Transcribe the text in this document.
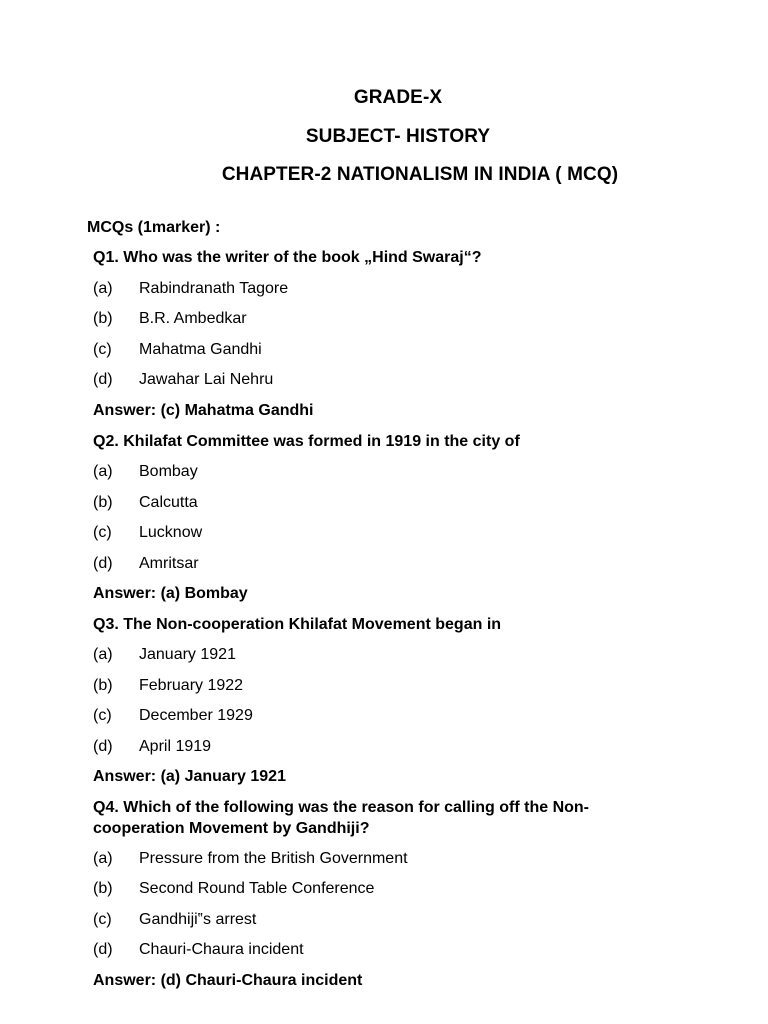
GRADE-X
SUBJECT- HISTORY
CHAPTER-2 NATIONALISM IN INDIA ( MCQ)
MCQs (1marker) :
Q1. Who was the writer of the book „Hind Swaraj“?
(a) Rabindranath Tagore
(b) B.R. Ambedkar
(c) Mahatma Gandhi
(d) Jawahar Lai Nehru
Answer: (c) Mahatma Gandhi
Q2. Khilafat Committee was formed in 1919 in the city of
(a) Bombay
(b) Calcutta
(c) Lucknow
(d) Amritsar
Answer: (a) Bombay
Q3. The Non-cooperation Khilafat Movement began in
(a) January 1921
(b) February 1922
(c) December 1929
(d) April 1919
Answer: (a) January 1921
Q4. Which of the following was the reason for calling off the Non-cooperation Movement by Gandhiji?
(a) Pressure from the British Government
(b) Second Round Table Conference
(c) Gandhiji‟s arrest
(d) Chauri-Chaura incident
Answer: (d) Chauri-Chaura incident
